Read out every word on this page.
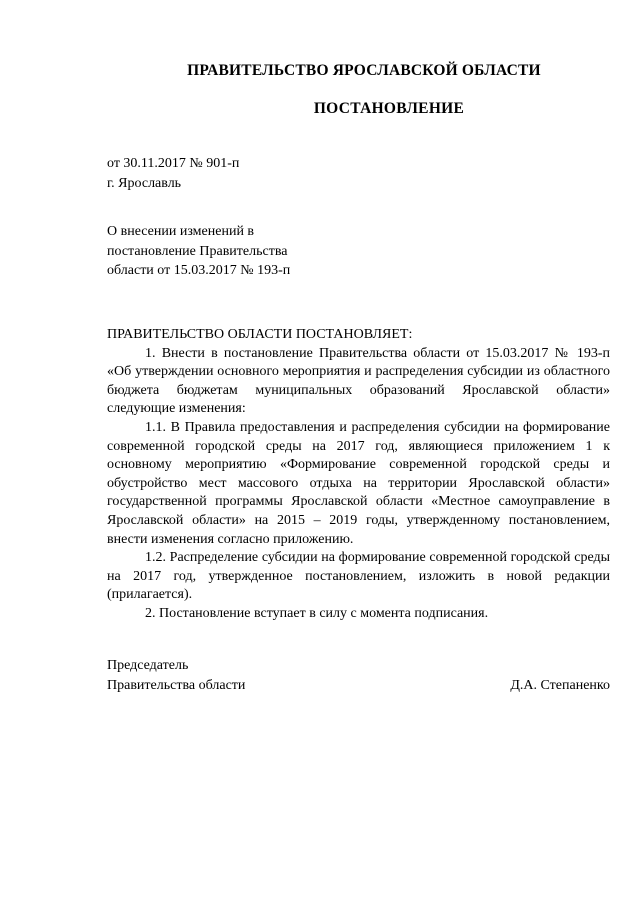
ПРАВИТЕЛЬСТВО ЯРОСЛАВСКОЙ ОБЛАСТИ
ПОСТАНОВЛЕНИЕ
от 30.11.2017 № 901-п
г. Ярославль
О внесении изменений в
постановление Правительства
области от 15.03.2017 № 193-п

ПРАВИТЕЛЬСТВО ОБЛАСТИ ПОСТАНОВЛЯЕТ:

1. Внести в постановление Правительства области от 15.03.2017 № 193-п «Об утверждении основного мероприятия и распределения субсидии из областного бюджета бюджетам муниципальных образований Ярославской области» следующие изменения:

1.1. В Правила предоставления и распределения субсидии на формирование современной городской среды на 2017 год, являющиеся приложением 1 к основному мероприятию «Формирование современной городской среды и обустройство мест массового отдыха на территории Ярославской области» государственной программы Ярославской области «Местное самоуправление в Ярославской области» на 2015 – 2019 годы, утвержденному постановлением, внести изменения согласно приложению.

1.2. Распределение субсидии на формирование современной городской среды на 2017 год, утвержденное постановлением, изложить в новой редакции (прилагается).

2. Постановление вступает в силу с момента подписания.

Председатель
Правительства области	Д.А. Степаненко
